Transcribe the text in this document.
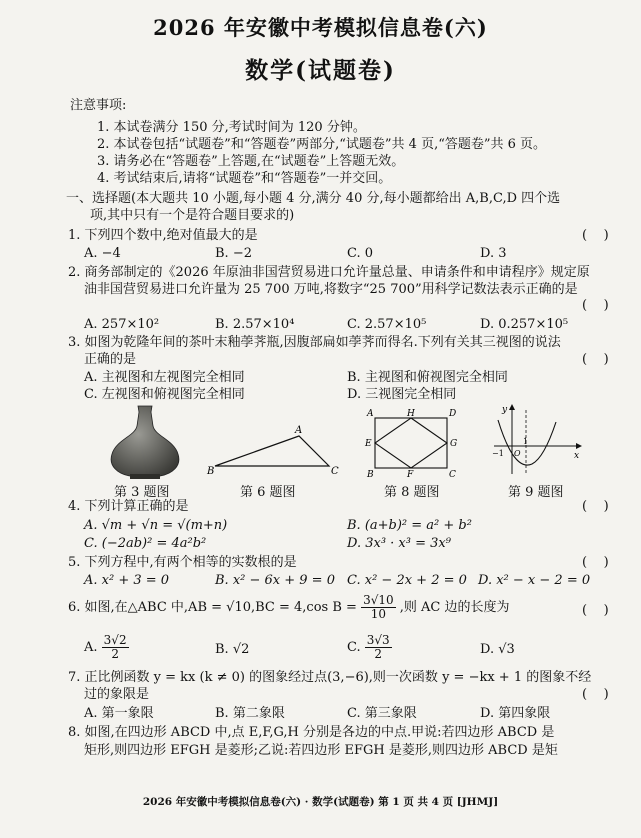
2026 年安徽中考模拟信息卷(六)
数学(试题卷)
注意事项:
1. 本试卷满分 150 分,考试时间为 120 分钟。
2. 本试卷包括“试题卷”和“答题卷”两部分,“试题卷”共 4 页,“答题卷”共 6 页。
3. 请务必在“答题卷”上答题,在“试题卷”上答题无效。
4. 考试结束后,请将“试题卷”和“答题卷”一并交回。
一、选择题(本大题共 10 小题,每小题 4 分,满分 40 分,每小题都给出 A,B,C,D 四个选
项,其中只有一个是符合题目要求的)
1. 下列四个数中,绝对值最大的是	(    )
A. −4	B. −2	C. 0	D. 3
2. 商务部制定的《2026 年原油非国营贸易进口允许量总量、申请条件和申请程序》规定原
油非国营贸易进口允许量为 25 700 万吨,将数字“25 700”用科学记数法表示正确的是
(    )
A. 257×10²	B. 2.57×10⁴	C. 2.57×10⁵	D. 0.257×10⁵
3. 如图为乾隆年间的茶叶末釉荸荠瓶,因腹部扁如荸荠而得名.下列有关其三视图的说法
正确的是	(    )
A. 主视图和左视图完全相同	B. 主视图和俯视图完全相同
C. 左视图和俯视图完全相同	D. 三视图完全相同
A
B	C
A	H	D
E	G
B	F	C
y
x
O
−1
1
第 3 题图	第 6 题图	第 8 题图	第 9 题图
4. 下列计算正确的是	(    )
A. √m + √n = √(m+n)	B. (a+b)² = a² + b²
C. (−2ab)² = 4a²b²	D. 3x³ · x³ = 3x⁹
5. 下列方程中,有两个相等的实数根的是	(    )
A. x² + 3 = 0	B. x² − 6x + 9 = 0 C. x² − 2x + 2 = 0 D. x² − x − 2 = 0
6. 如图,在△ABC 中,AB = √10,BC = 4,cos $B = \frac{3√10}{10}$ ,则 AC 边的长度为	(    )
A. $\frac{3√2}{2}$	B. √2	C. $\frac{3√3}{2}$	D. √3
7. 正比例函数 y = kx (k ≠ 0) 的图象经过点(3,−6),则一次函数 y = −kx + 1 的图象不经
过的象限是	(    )
A. 第一象限	B. 第二象限	C. 第三象限	D. 第四象限
8. 如图,在四边形 ABCD 中,点 E,F,G,H 分别是各边的中点.甲说:若四边形 ABCD 是
矩形,则四边形 EFGH 是菱形;乙说:若四边形 EFGH 是菱形,则四边形 ABCD 是矩
2026 年安徽中考模拟信息卷(六) · 数学(试题卷) 第 1 页 共 4 页 [JHMJ]
